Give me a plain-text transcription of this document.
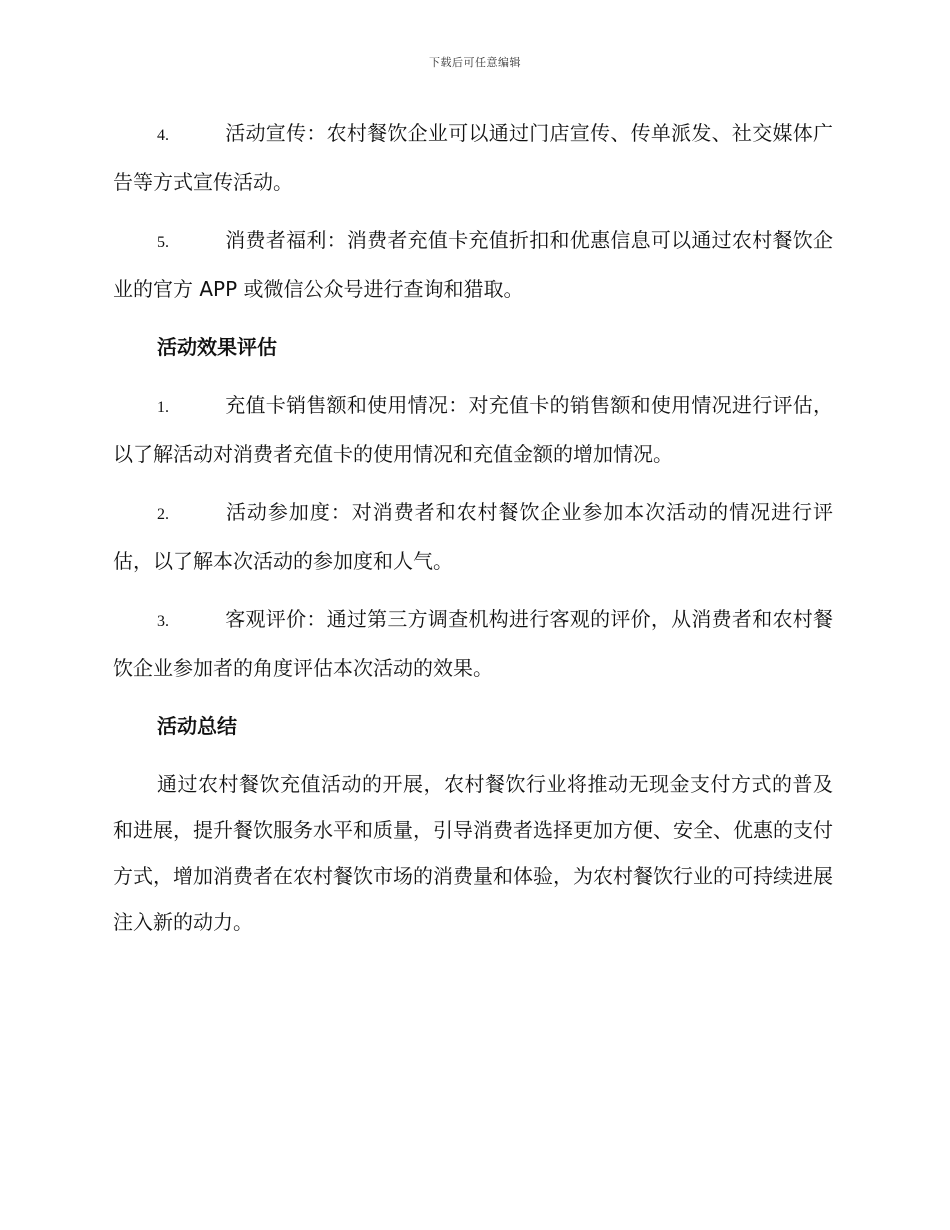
下载后可任意编辑

4.	活动宣传：农村餐饮企业可以通过门店宣传、传单派发、社交媒体广告等方式宣传活动。

5.	消费者福利：消费者充值卡充值折扣和优惠信息可以通过农村餐饮企业的官方 APP 或微信公众号进行查询和猎取。

活动效果评估

1.	充值卡销售额和使用情况：对充值卡的销售额和使用情况进行评估，以了解活动对消费者充值卡的使用情况和充值金额的增加情况。

2.	活动参加度：对消费者和农村餐饮企业参加本次活动的情况进行评估，以了解本次活动的参加度和人气。

3.	客观评价：通过第三方调查机构进行客观的评价，从消费者和农村餐饮企业参加者的角度评估本次活动的效果。

活动总结

通过农村餐饮充值活动的开展，农村餐饮行业将推动无现金支付方式的普及和进展，提升餐饮服务水平和质量，引导消费者选择更加方便、安全、优惠的支付方式，增加消费者在农村餐饮市场的消费量和体验，为农村餐饮行业的可持续进展注入新的动力。
